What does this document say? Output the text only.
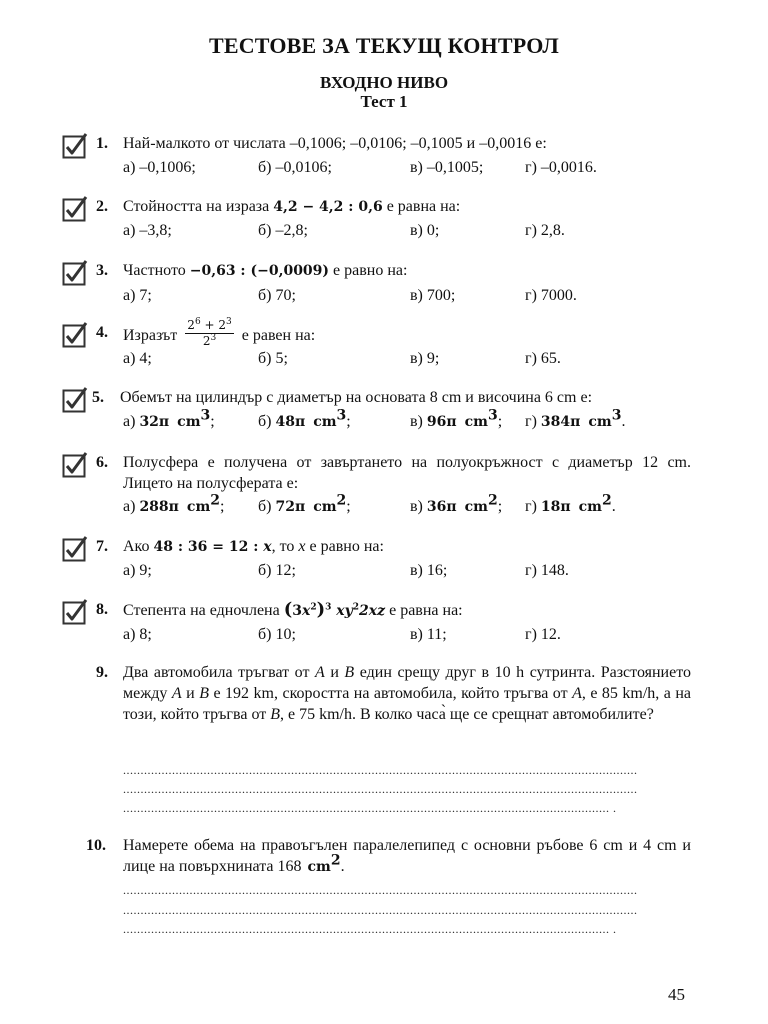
ТЕСТОВЕ ЗА ТЕКУЩ КОНТРОЛ
ВХОДНО НИВО
Тест 1
1. Най-малкото от числата –0,1006; –0,0106; –0,1005 и –0,0016 е:
а) –0,1006;	б) –0,0106;	в) –0,1005;	г) –0,0016.
2. Стойността на израза 4,2 − 4,2 : 0,6 е равна на:
а) –3,8;	б) –2,8;	в) 0;	г) 2,8.
3. Частното −0,63 : (−0,0009) е равно на:
а) 7;	б) 70;	в) 700;	г) 7000.
4. Изразът $\frac{2^6 + 2^3}{2^3}$ е равен на:
а) 4;	б) 5;	в) 9;	г) 65.
5. Обемът на цилиндър с диаметър на основата 8 cm и височина 6 cm е:
а) 32π $cm^3$;	б) 48π $cm^3$;	в) 96π $cm^3$; г) 384π $cm^3$.
6. Полусфера е получена от завъртането на полуокръжност с диаметър 12 cm. Лицето на полусферата е:
а) 288π $cm^2$; б) 72π $cm^2$;	в) 36π $cm^2$; г) 18π $cm^2$.
7. Ако 48 : 36 = 12 : x, то x е равно на:
а) 9;	б) 12;	в) 16;	г) 148.
8. Степента на едночлена $(3x^2)^3$ $xy^22xz$ е равна на:
а) 8;	б) 10;	в) 11;	г) 12.
9. Два автомобила тръгват от A и B един срещу друг в 10 h сутринта. Разстоянието между A и B е 192 km, скоростта на автомобила, който тръгва от A, е 85 km/h, а на този, който тръгва от B, е 75 km/h. В колко часа̀ ще се срещнат автомобилите?
...................................................................................................................................................
...................................................................................................................................................
........................................................................................................................................... .
10. Намерете обема на правоъгълен паралелепипед с основни ръбове 6 cm и 4 cm и лице на повърхнината 168 $cm^2$.
...................................................................................................................................................
...................................................................................................................................................
........................................................................................................................................... .
45
